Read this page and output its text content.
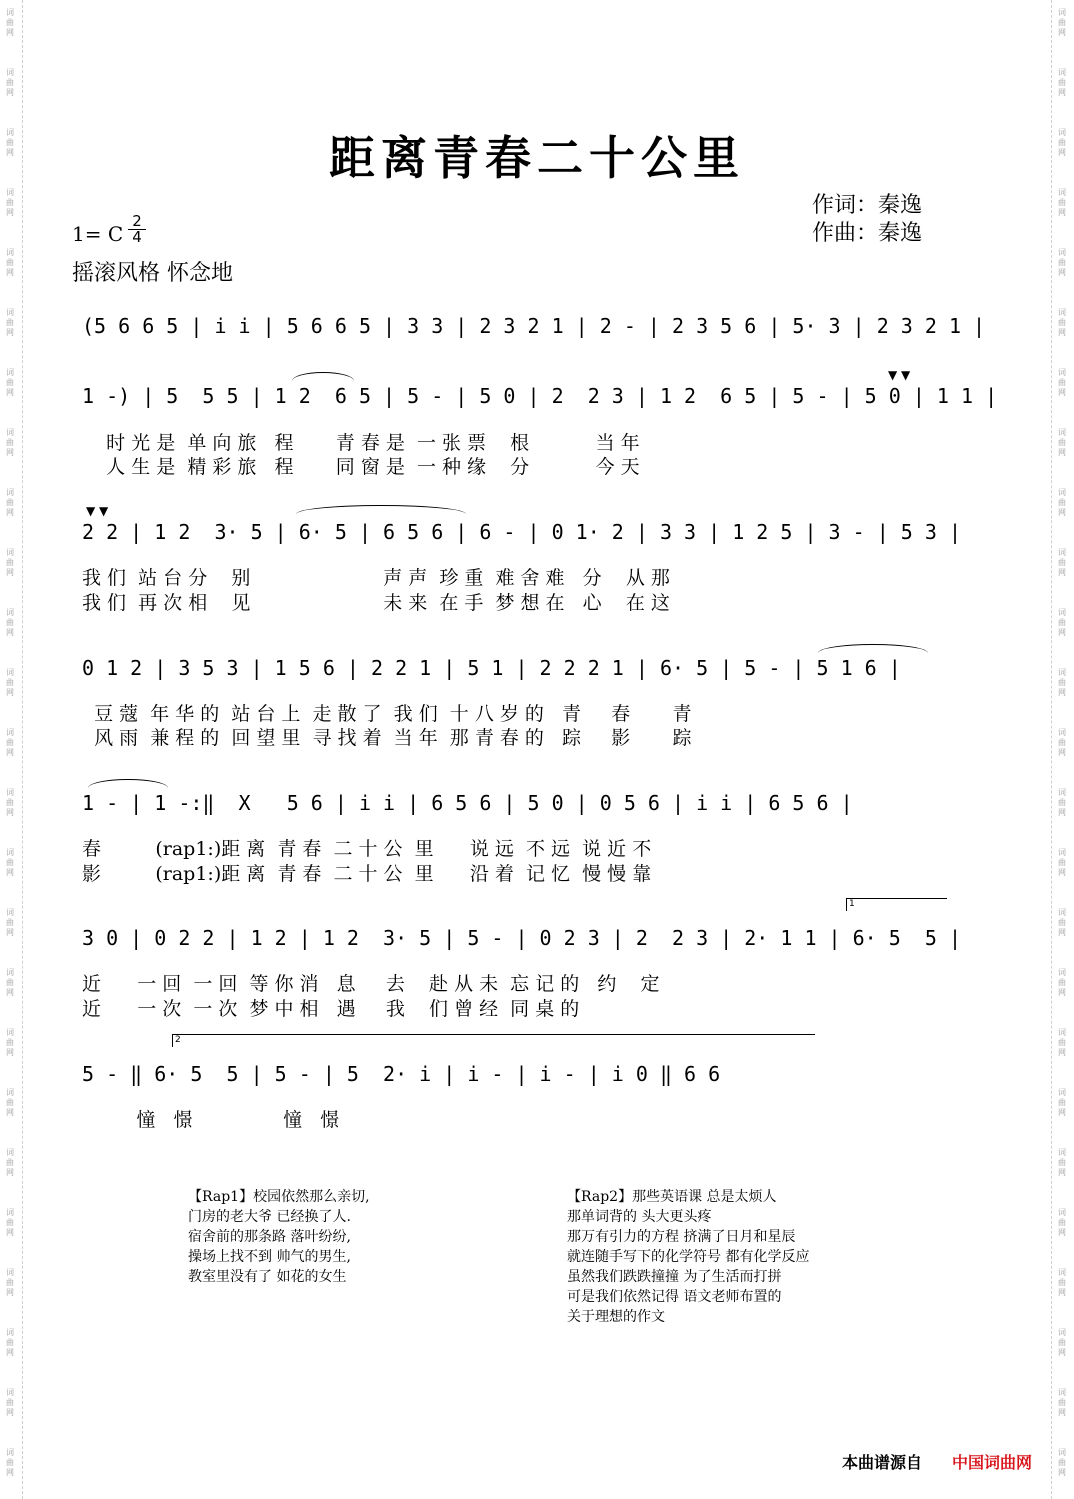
词
曲
网
词
曲
网
词
曲
网
词
曲
网
词
曲
网
词
曲
网
词
曲
网
词
曲
网
词
曲
网
词
曲
网
词
曲
网
词
曲
网
词
曲
网
词
曲
网
词
曲
网
词
曲
网
词
曲
网
词
曲
网
词
曲
网
词
曲
网
词
曲
网
词
曲
网
词
曲
网
词
曲
网
词
曲
网
词
曲
网
词
曲
网
词
曲
网
词
曲
网
词
曲
网
词
曲
网
词
曲
网
词
曲
网
词
曲
网
词
曲
网
词
曲
网
词
曲
网
词
曲
网
词
曲
网
词
曲
网
词
曲
网
词
曲
网
词
曲
网
词
曲
网
词
曲
网
词
曲
网
词
曲
网
词
曲
网
词
曲
网
词
曲
网
距离青春二十公里
作词：秦逸
作曲：秦逸
1= C $\frac{2}{4}$
摇滚风格 怀念地
(5 6 6 5 | i i | 5 6 6 5 | 3 3 | 2 3 2 1 | 2 - | 2 3 5 6 | 5· 3 | 2 3 2 1 |
1 -) | 5  5 5 | 1 2  6 5 | 5 - | 5 0 | 2  2 3 | 1 2  6 5 | 5 - | 5 0 | 1 1 |
时 光 是  单 向 旅   程       青 春 是  一 张 票    根           当 年
人 生 是  精 彩 旅   程       同 窗 是  一 种 缘    分           今 天
2 2 | 1 2  3· 5 | 6· 5 | 6 5 6 | 6 - | 0 1· 2 | 3 3 | 1 2 5 | 3 - | 5 3 |
我 们  站 台 分    别                      声 声  珍 重  难 舍 难   分    从 那
我 们  再 次 相    见                      未 来  在 手  梦 想 在   心    在 这
0 1 2 | 3 5 3 | 1 5 6 | 2 2 1 | 5 1 | 2 2 2 1 | 6· 5 | 5 - | 5 1 6 |
豆 蔻  年 华 的  站 台 上  走 散 了  我 们  十 八 岁 的   青     春       青
风 雨  兼 程 的  回 望 里  寻 找 着  当 年  那 青 春 的   踪     影       踪
1 - | 1 -:‖  X   5 6 | i i | 6 5 6 | 5 0 | 0 5 6 | i i | 6 5 6 |
春         (rap1:)距 离  青 春  二 十 公  里      说 远  不 远  说 近 不
影         (rap1:)距 离  青 春  二 十 公  里      沿 着  记 忆  慢 慢 靠
3 0 | 0 2 2 | 1 2 | 1 2  3· 5 | 5 - | 0 2 3 | 2  2 3 | 2· 1 1 | 6· 5  5 |
近      一 回  一 回  等 你 消   息     去    赴 从 未  忘 记 的   约    定
近      一 次  一 次  梦 中 相   遇     我    们 曾 经  同 桌 的
5 - ‖ 6· 5  5 | 5 - | 5  2· i | i - | i - | i 0 ‖ 6 6
憧   憬               憧   憬
▼ ▼
▼ ▼
1
2
【Rap1】校园依然那么亲切,
门房的老大爷 已经换了人.
宿舍前的那条路 落叶纷纷,
操场上找不到 帅气的男生,
教室里没有了 如花的女生
【Rap2】那些英语课 总是太烦人
那单词背的 头大更头疼
那万有引力的方程 挤满了日月和星辰
就连随手写下的化学符号 都有化学反应
虽然我们跌跌撞撞 为了生活而打拼
可是我们依然记得 语文老师布置的
关于理想的作文
本曲谱源自 中国词曲网
